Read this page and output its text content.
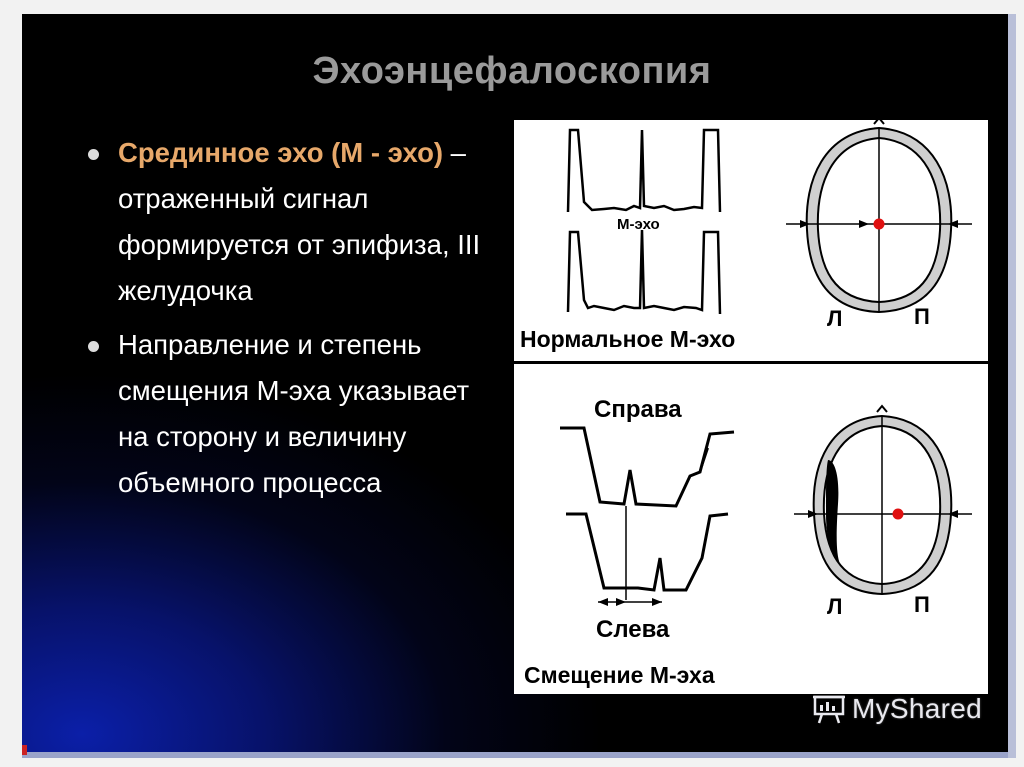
Эхоэнцефалоскопия
Срединное эхо (М - эхо) – отраженный сигнал формируется от эпифиза, III желудочка
Направление и степень смещения М-эха указывает на сторону и величину объемного процесса
М-эхо
Л	П
Нормальное М-эхо
Справа
Слева
Л	П
Смещение М-эха
MyShared
